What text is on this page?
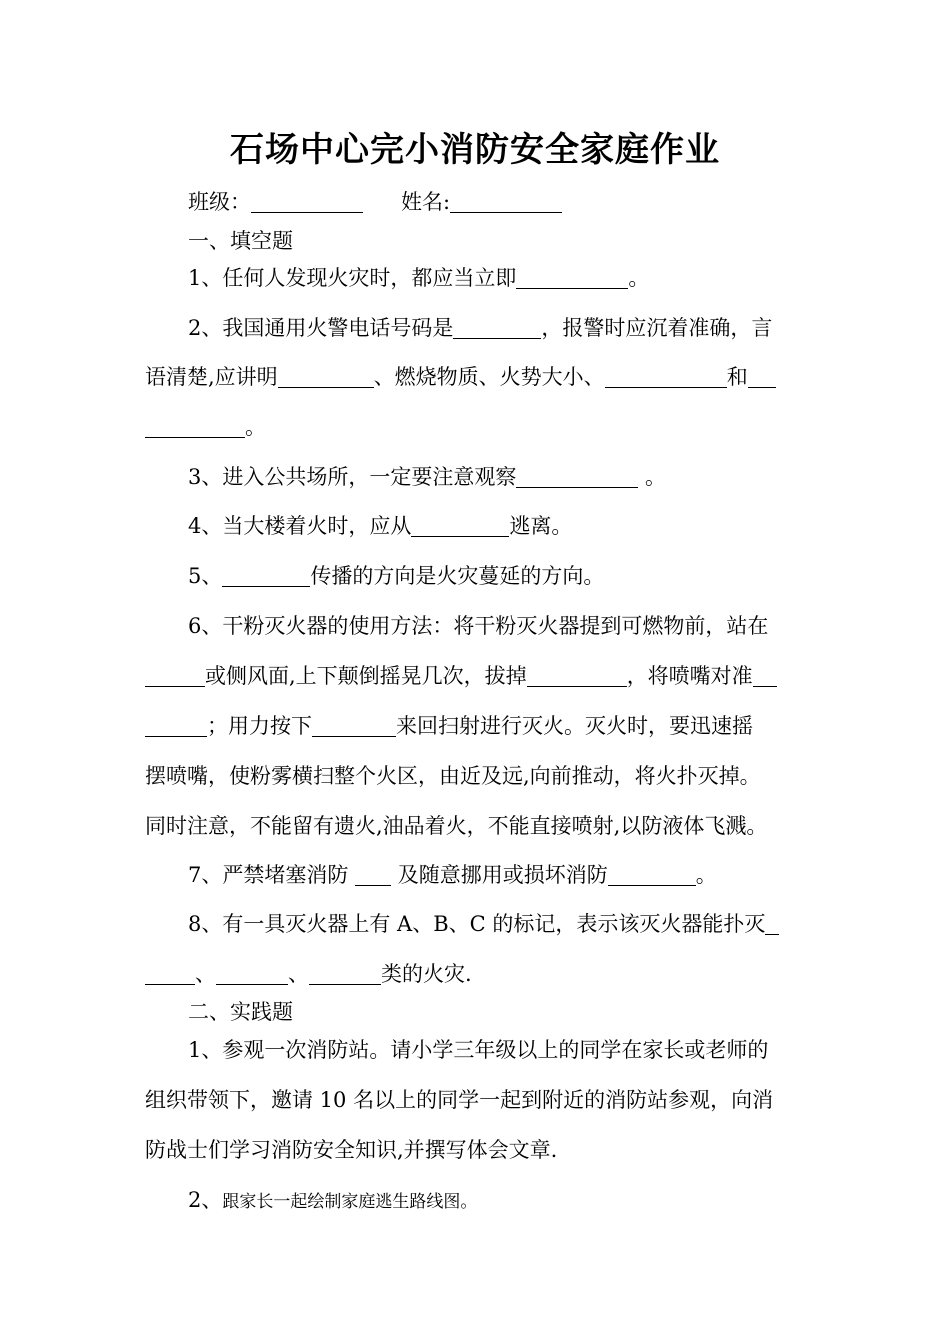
石场中心完小消防安全家庭作业
班级：	姓名:
一、填空题
1、任何人发现火灾时，都应当立即	。
2、我国通用火警电话号码是	，报警时应沉着准确，言
语清楚,应讲明	、燃烧物质、火势大小、	和
。
3、进入公共场所，一定要注意观察	。
4、当大楼着火时，应从	逃离。
5、	传播的方向是火灾蔓延的方向。
6、干粉灭火器的使用方法：将干粉灭火器提到可燃物前，站在
或侧风面,上下颠倒摇晃几次，拔掉	，将喷嘴对准
；用力按下	来回扫射进行灭火。灭火时，要迅速摇
摆喷嘴，使粉雾横扫整个火区，由近及远,向前推动，将火扑灭掉。
同时注意，不能留有遗火,油品着火，不能直接喷射,以防液体飞溅。
7、严禁堵塞消防  及随意挪用或损坏消防	。
8、有一具灭火器上有 A、B、C 的标记，表示该灭火器能扑灭
、	、	类的火灾.
二、实践题
1、参观一次消防站。请小学三年级以上的同学在家长或老师的
组织带领下，邀请 10 名以上的同学一起到附近的消防站参观，向消
防战士们学习消防安全知识,并撰写体会文章.
2、跟家长一起绘制家庭逃生路线图。
